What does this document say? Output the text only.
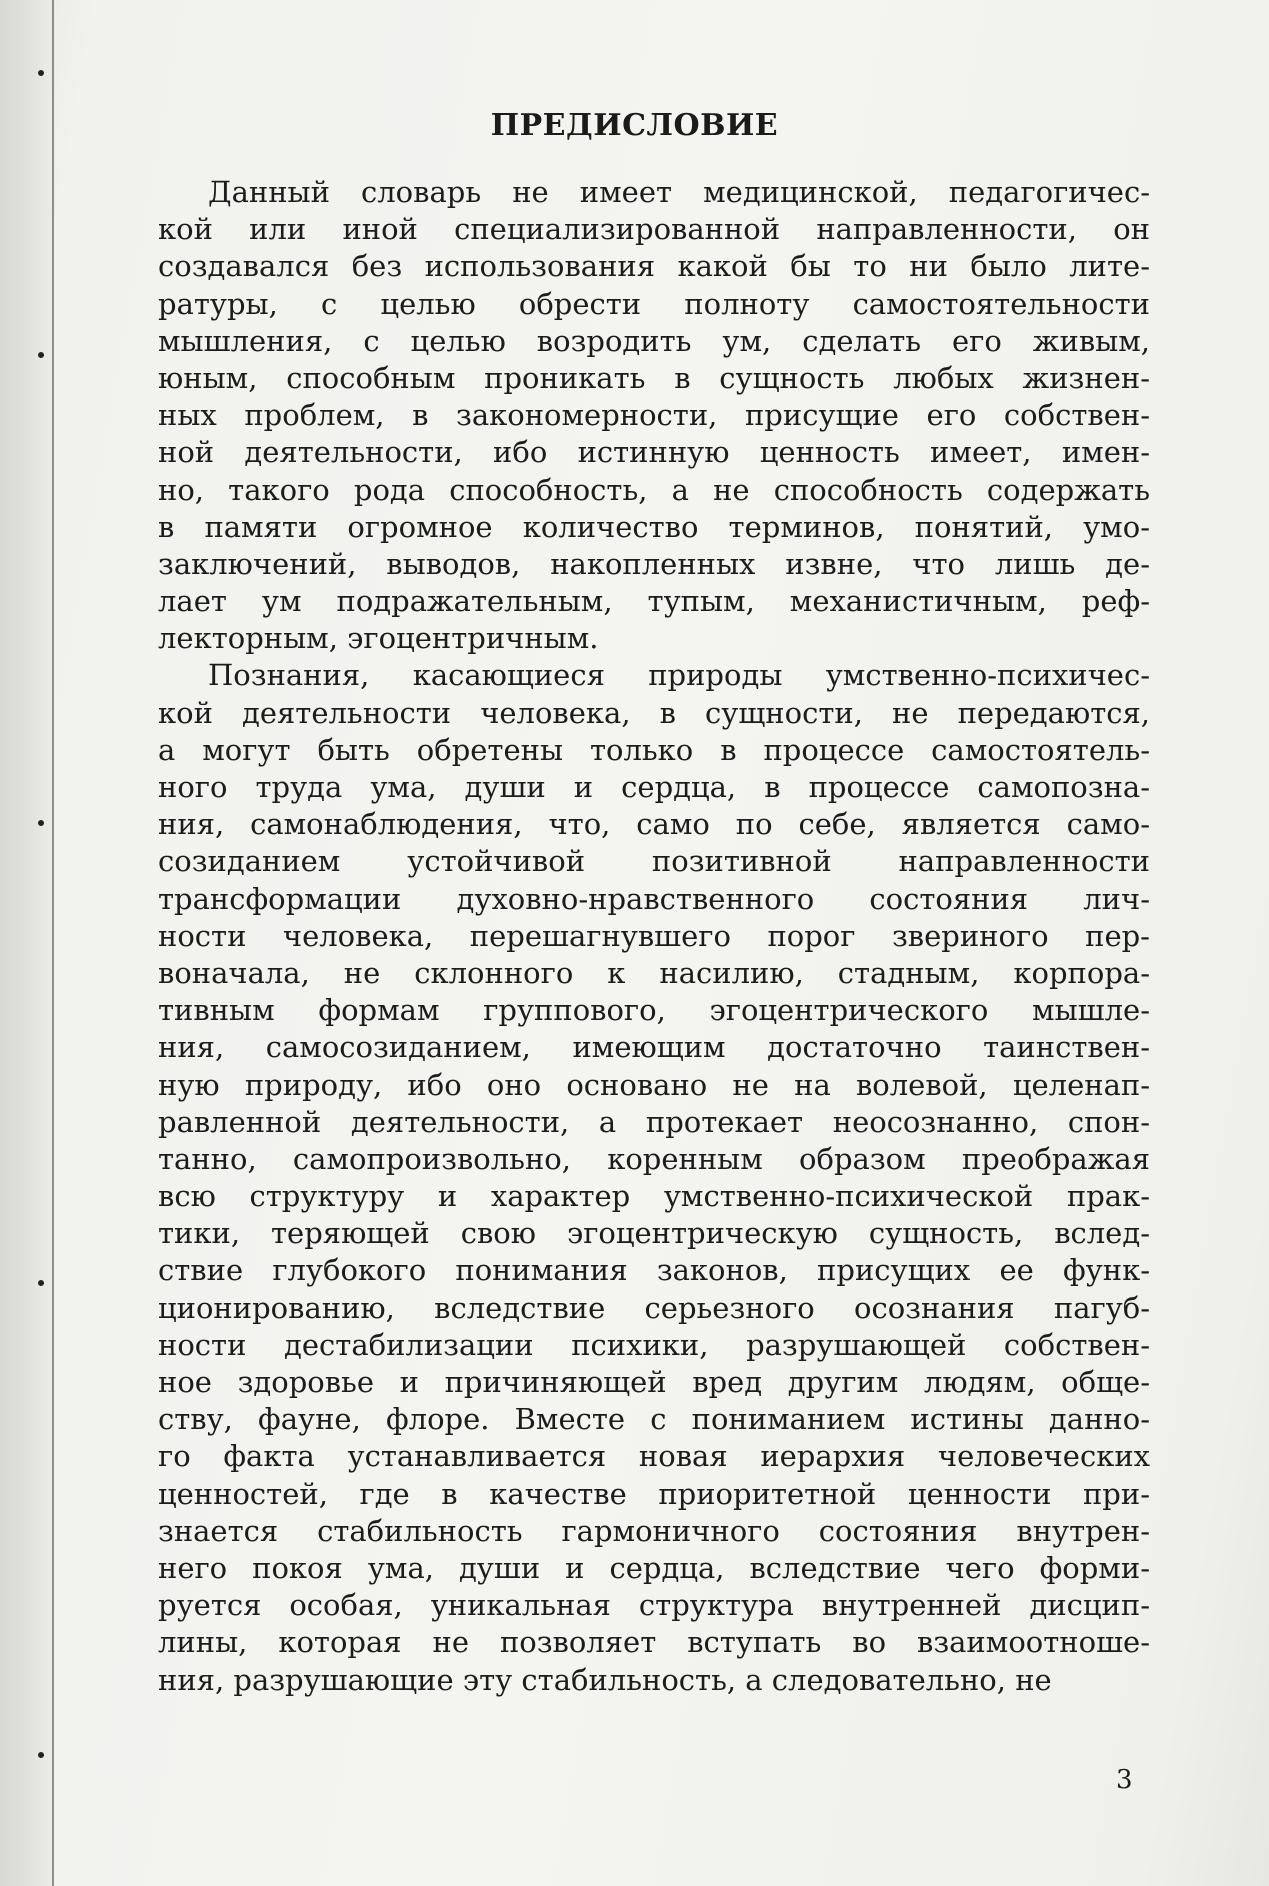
ПРЕДИСЛОВИЕ
Данный словарь не имеет медицинской, педагогичес-
кой или иной специализированной направленности, он
создавался без использования какой бы то ни было лите-
ратуры, с целью обрести полноту самостоятельности
мышления, с целью возродить ум, сделать его живым,
юным, способным проникать в сущность любых жизнен-
ных проблем, в закономерности, присущие его собствен-
ной деятельности, ибо истинную ценность имеет, имен-
но, такого рода способность, а не способность содержать
в памяти огромное количество терминов, понятий, умо-
заключений, выводов, накопленных извне, что лишь де-
лает ум подражательным, тупым, механистичным, реф-
лекторным, эгоцентричным.
Познания, касающиеся природы умственно-психичес-
кой деятельности человека, в сущности, не передаются,
а могут быть обретены только в процессе самостоятель-
ного труда ума, души и сердца, в процессе самопозна-
ния, самонаблюдения, что, само по себе, является само-
созиданием устойчивой позитивной направленности
трансформации духовно-нравственного состояния лич-
ности человека, перешагнувшего порог звериного пер-
воначала, не склонного к насилию, стадным, корпора-
тивным формам группового, эгоцентрического мышле-
ния, самосозиданием, имеющим достаточно таинствен-
ную природу, ибо оно основано не на волевой, целенап-
равленной деятельности, а протекает неосознанно, спон-
танно, самопроизвольно, коренным образом преображая
всю структуру и характер умственно-психической прак-
тики, теряющей свою эгоцентрическую сущность, вслед-
ствие глубокого понимания законов, присущих ее функ-
ционированию, вследствие серьезного осознания пагуб-
ности дестабилизации психики, разрушающей собствен-
ное здоровье и причиняющей вред другим людям, обще-
ству, фауне, флоре. Вместе с пониманием истины данно-
го факта устанавливается новая иерархия человеческих
ценностей, где в качестве приоритетной ценности при-
знается стабильность гармоничного состояния внутрен-
него покоя ума, души и сердца, вследствие чего форми-
руется особая, уникальная структура внутренней дисцип-
лины, которая не позволяет вступать во взаимоотноше-
ния, разрушающие эту стабильность, а следовательно, не
3
